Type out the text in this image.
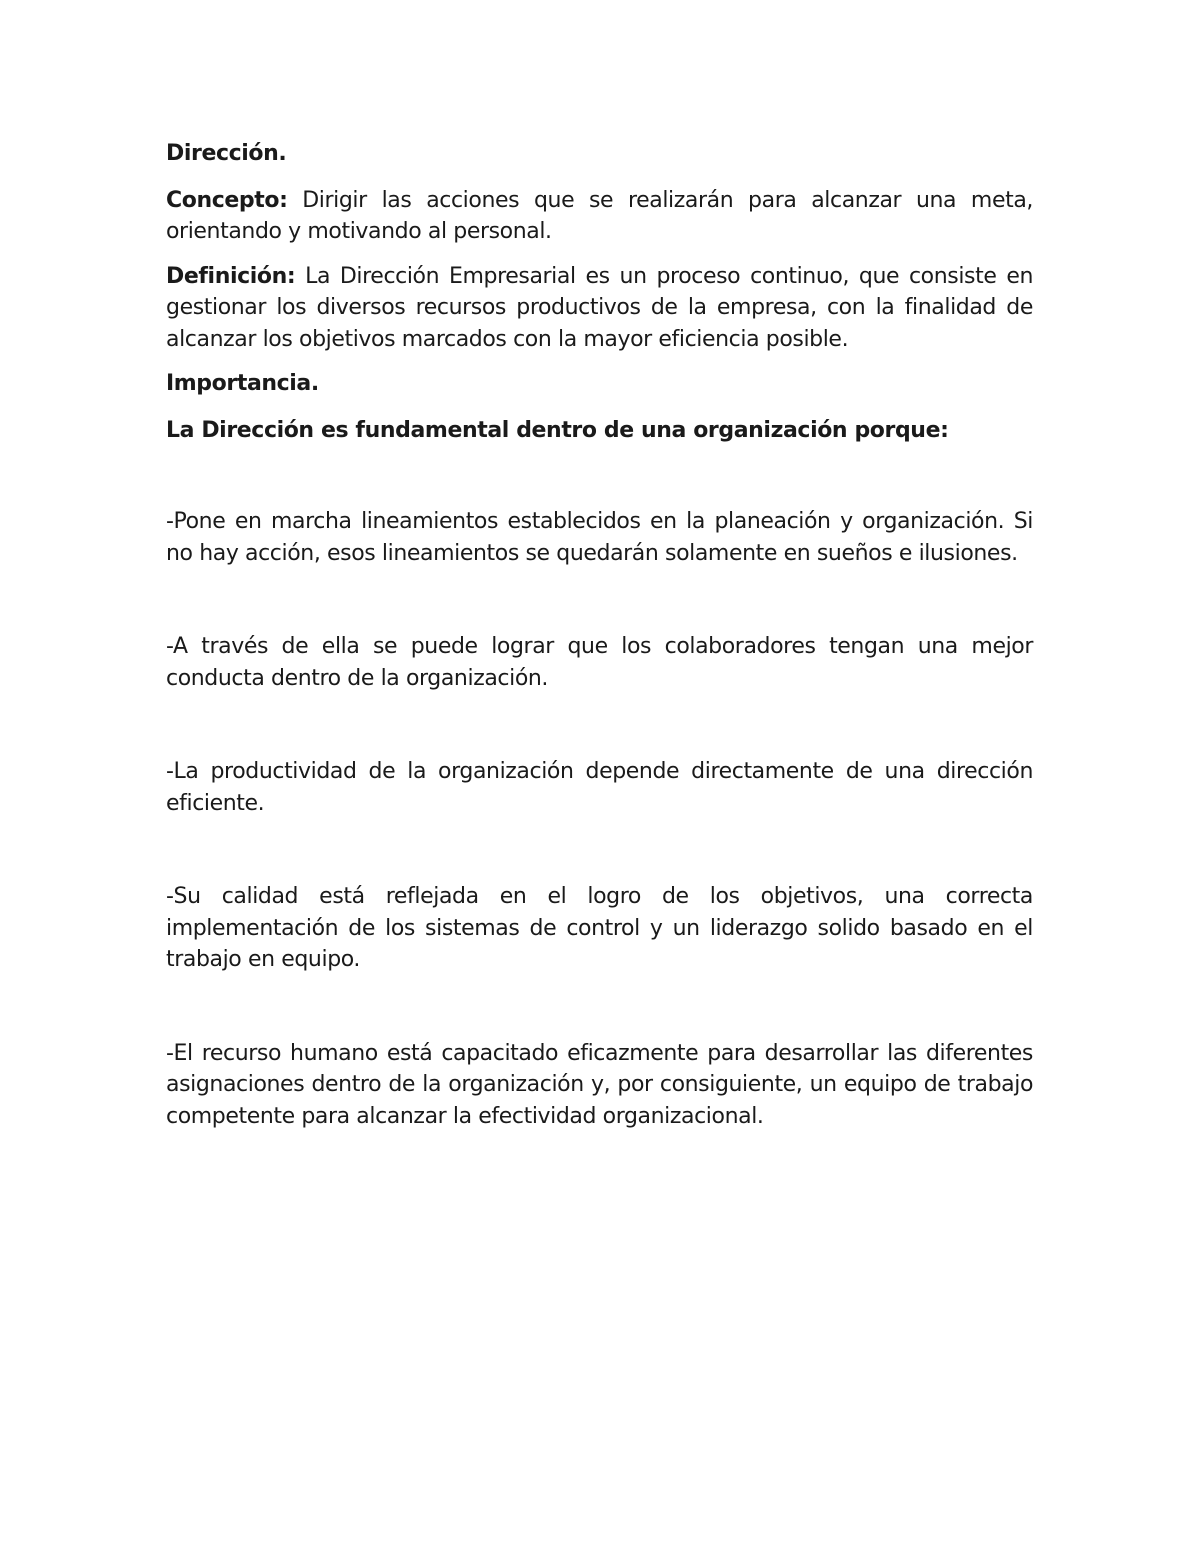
Dirección.

Concepto: Dirigir las acciones que se realizarán para alcanzar una meta, orientando y motivando al personal.

Definición: La Dirección Empresarial es un proceso continuo, que consiste en gestionar los diversos recursos productivos de la empresa, con la finalidad de alcanzar los objetivos marcados con la mayor eficiencia posible.

Importancia.

La Dirección es fundamental dentro de una organización porque:

-Pone en marcha lineamientos establecidos en la planeación y organización. Si no hay acción, esos lineamientos se quedarán solamente en sueños e ilusiones.

-A través de ella se puede lograr que los colaboradores tengan una mejor conducta dentro de la organización.

-La productividad de la organización depende directamente de una dirección eficiente.

-Su calidad está reflejada en el logro de los objetivos, una correcta implementación de los sistemas de control y un liderazgo solido basado en el trabajo en equipo.

-El recurso humano está capacitado eficazmente para desarrollar las diferentes asignaciones dentro de la organización y, por consiguiente, un equipo de trabajo competente para alcanzar la efectividad organizacional.
